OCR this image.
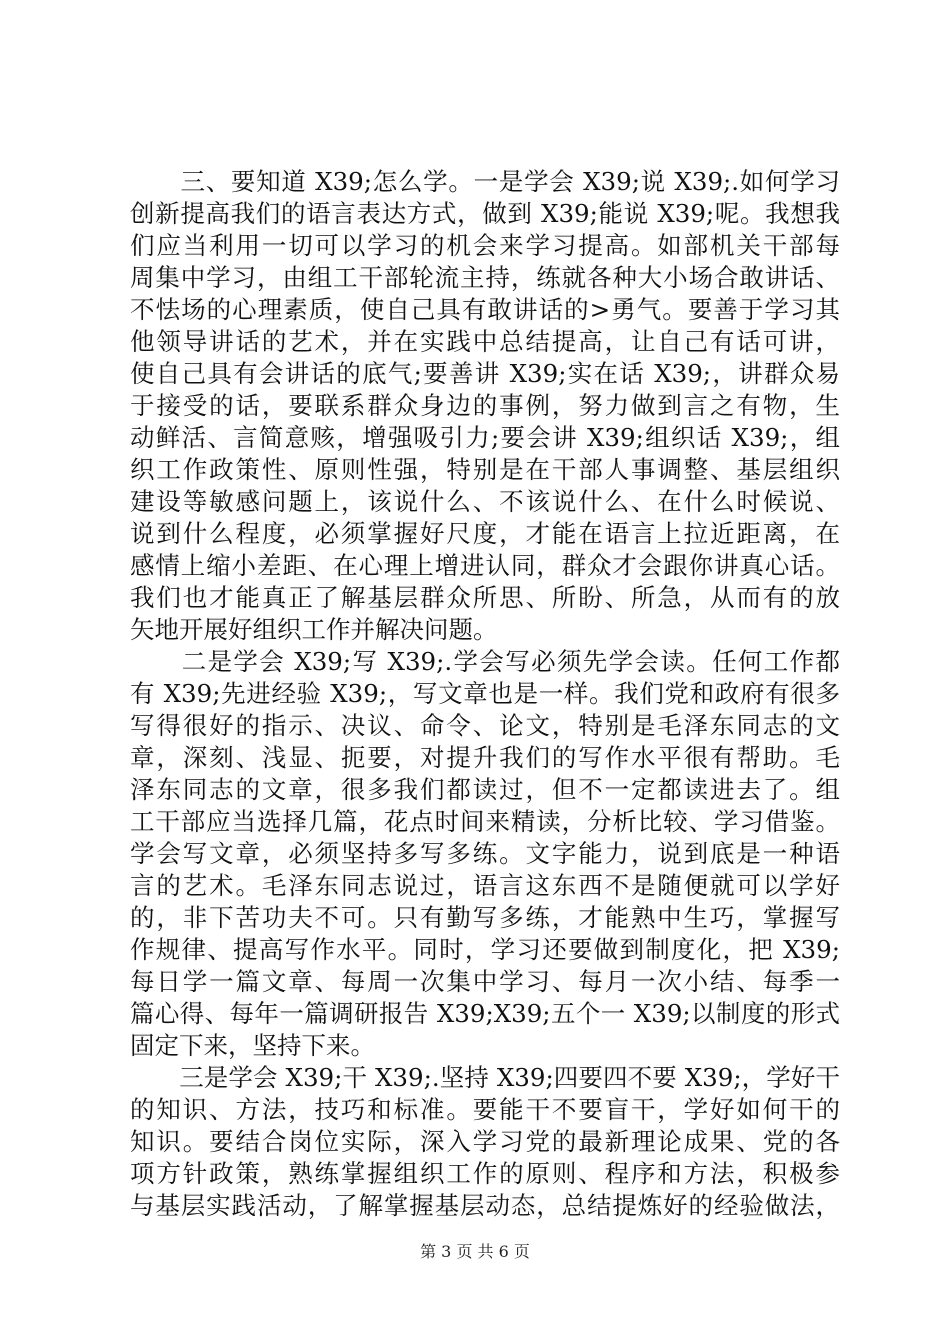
　　三、要知道 X39;怎么学。一是学会 X39;说 X39;.如何学习
创新提高我们的语言表达方式，做到 X39;能说 X39;呢。我想我
们应当利用一切可以学习的机会来学习提高。如部机关干部每
周集中学习，由组工干部轮流主持，练就各种大小场合敢讲话、
不怯场的心理素质，使自己具有敢讲话的>勇气。要善于学习其
他领导讲话的艺术，并在实践中总结提高，让自己有话可讲，
使自己具有会讲话的底气;要善讲 X39;实在话 X39;，讲群众易
于接受的话，要联系群众身边的事例，努力做到言之有物，生
动鲜活、言简意赅，增强吸引力;要会讲 X39;组织话 X39;，组
织工作政策性、原则性强，特别是在干部人事调整、基层组织
建设等敏感问题上，该说什么、不该说什么、在什么时候说、
说到什么程度，必须掌握好尺度，才能在语言上拉近距离，在
感情上缩小差距、在心理上增进认同，群众才会跟你讲真心话。
我们也才能真正了解基层群众所思、所盼、所急，从而有的放
矢地开展好组织工作并解决问题。
　　二是学会 X39;写 X39;.学会写必须先学会读。任何工作都
有 X39;先进经验 X39;，写文章也是一样。我们党和政府有很多
写得很好的指示、决议、命令、论文，特别是毛泽东同志的文
章，深刻、浅显、扼要，对提升我们的写作水平很有帮助。毛
泽东同志的文章，很多我们都读过，但不一定都读进去了。组
工干部应当选择几篇，花点时间来精读，分析比较、学习借鉴。
学会写文章，必须坚持多写多练。文字能力，说到底是一种语
言的艺术。毛泽东同志说过，语言这东西不是随便就可以学好
的，非下苦功夫不可。只有勤写多练，才能熟中生巧，掌握写
作规律、提高写作水平。同时，学习还要做到制度化，把 X39;
每日学一篇文章、每周一次集中学习、每月一次小结、每季一
篇心得、每年一篇调研报告 X39;X39;五个一 X39;以制度的形式
固定下来，坚持下来。
　　三是学会 X39;干 X39;.坚持 X39;四要四不要 X39;，学好干
的知识、方法，技巧和标准。要能干不要盲干，学好如何干的
知识。要结合岗位实际，深入学习党的最新理论成果、党的各
项方针政策，熟练掌握组织工作的原则、程序和方法，积极参
与基层实践活动，了解掌握基层动态，总结提炼好的经验做法，
第 3 页 共 6 页
